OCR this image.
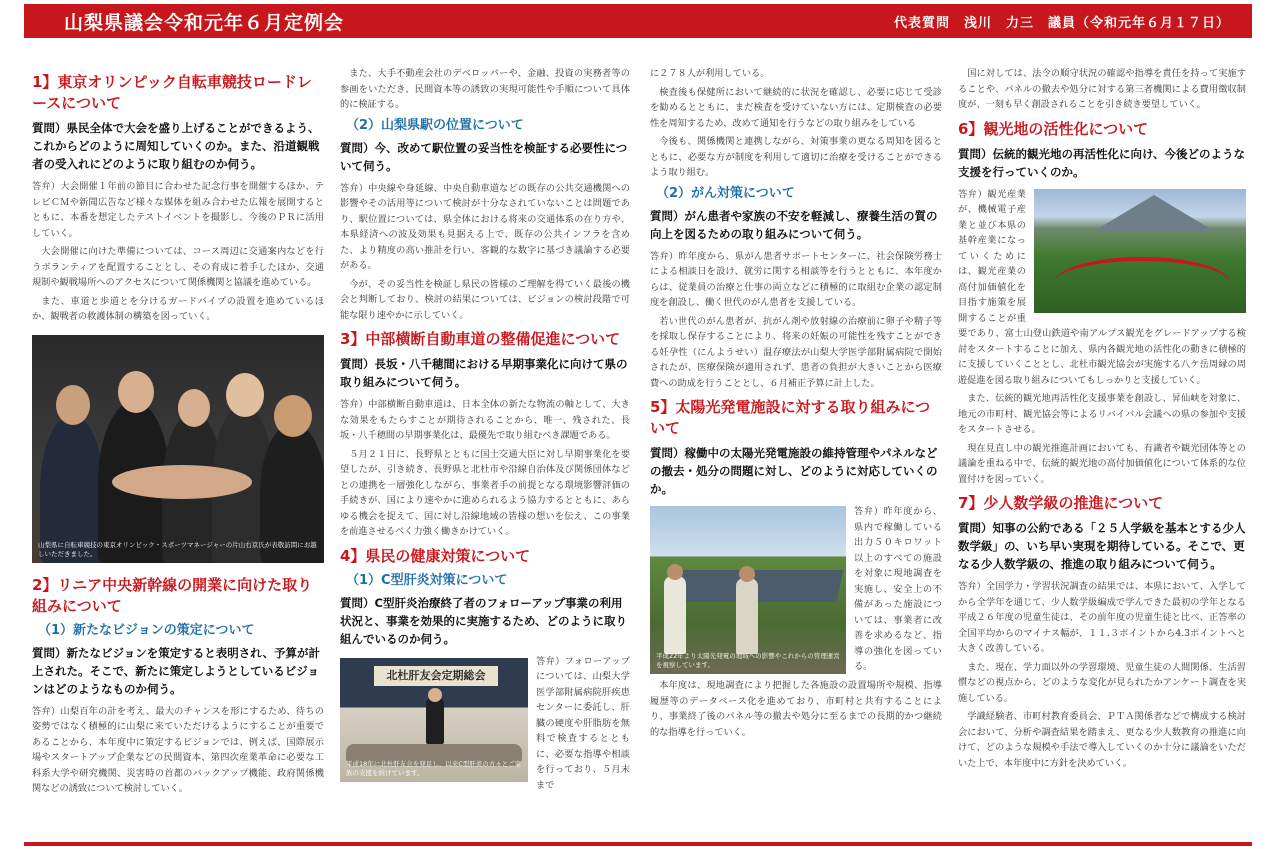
山梨県議会令和元年６月定例会	代表質問　浅川　力三　議員（令和元年６月１７日）
1】東京オリンピック自転車競技ロードレースについて
質問）県民全体で大会を盛り上げることができるよう、これからどのように周知していくのか。また、沿道観戦者の受入れにどのように取り組むのか伺う。

答弁）大会開催１年前の節目に合わせた記念行事を開催するほか、テレビＣＭや新聞広告など様々な媒体を組み合わせた広報を展開するとともに、本番を想定したテストイベントを撮影し、今後のＰＲに活用していく。

大会開催に向けた準備については、コース周辺に交通案内などを行うボランティアを配置することとし、その育成に着手したほか、交通規制や観戦場所へのアクセスについて関係機関と協議を進めている。

また、車道と歩道とを分けるガードパイプの設置を進めているほか、観戦者の救護体制の構築を図っていく。

山梨県に自転車競技の東京オリンピック・スポーツマネージャーの片山右京氏が表敬訪問にお越しいただきました。
2】リニア中央新幹線の開業に向けた取り組みについて
（1）新たなビジョンの策定について
質問）新たなビジョンを策定すると表明され、予算が計上された。そこで、新たに策定しようとしているビジョンはどのようなものか伺う。

答弁）山梨百年の計を考え、最大のチャンスを形にするため、待ちの姿勢ではなく積極的に山梨に来ていただけるようにすることが重要であることから、本年度中に策定するビジョンでは、例えば、国際展示場やスタートアップ企業などの民間資本、第四次産業革命に必要な工科系大学や研究機関、災害時の首都のバックアップ機能、政府関係機関などの誘致について検討していく。

また、大手不動産会社のデベロッパーや、金融、投資の実務者等の参画をいただき、民間資本等の誘致の実現可能性や手順について具体的に検証する。

（2）山梨県駅の位置について
質問）今、改めて駅位置の妥当性を検証する必要性について伺う。

答弁）中央線や身延線、中央自動車道などの既存の公共交通機関への影響やその活用等について検討が十分なされていないことは問題であり、駅位置については、県全体における将来の交通体系の在り方や、本県経済への波及効果も見据える上で、既存の公共インフラを含めた、より精度の高い推計を行い、客観的な数字に基づき議論する必要がある。

今が、その妥当性を検証し県民の皆様のご理解を得ていく最後の機会と判断しており、検討の結果については、ビジョンの検討段階で可能な限り速やかに示していく。

3】中部横断自動車道の整備促進について
質問）長坂・八千穂間における早期事業化に向けて県の取り組みについて伺う。

答弁）中部横断自動車道は、日本全体の新たな物流の軸として、大きな効果をもたらすことが期待されることから、唯一、残された、長坂・八千穂間の早期事業化は、最優先で取り組むべき課題である。

５月２１日に、長野県とともに国土交通大臣に対し早期事業化を要望したが、引き続き、長野県と北杜市や沿線自治体及び関係団体などとの連携を一層強化しながら、事業者手の前提となる環境影響評価の手続きが、国により速やかに進められるよう協力するとともに、あらゆる機会を捉えて、国に対し沿線地域の皆様の想いを伝え、この事業を前進させるべく力強く働きかけていく。

4】県民の健康対策について
（1）C型肝炎対策について
質問）C型肝炎治療終了者のフォローアップ事業の利用状況と、事業を効果的に実施するため、どのように取り組んでいるのか伺う。
北杜肝友会定期総会
平成18年に北杜肝友会を発足し、以来C型肝炎の方々とご家族の支援を続けています。

答弁）フォローアップについては、山梨大学医学部附属病院肝疾患センターに委託し、肝臓の硬度や肝脂肪を無料で検査するとともに、必要な指導や相談を行っており、５月末まで

に２７８人が利用している。

検査後も保健所において継続的に状況を確認し、必要に応じて受診を勧めるとともに、まだ検査を受けていない方には、定期検査の必要性を周知するため、改めて通知を行うなどの取り組みをしている

今後も、関係機関と連携しながら、対策事業の更なる周知を図るとともに、必要な方が制度を利用して適切に治療を受けることができるよう取り組む。

（2）がん対策について
質問）がん患者や家族の不安を軽減し、療養生活の質の向上を図るための取り組みについて伺う。

答弁）昨年度から、県がん患者サポートセンターに、社会保険労務士による相談日を設け、就労に関する相談等を行うとともに、本年度からは、従業員の治療と仕事の両立などに積極的に取組む企業の認定制度を創設し、働く世代のがん患者を支援している。

若い世代のがん患者が、抗がん剤や放射線の治療前に卵子や精子等を採取し保存することにより、将来の妊娠の可能性を残すことができる妊孕性（にんようせい）温存療法が山梨大学医学部附属病院で開始されたが、医療保険が適用されず、患者の負担が大きいことから医療費への助成を行うこととし、６月補正予算に計上した。

5】太陽光発電施設に対する取り組みについて
質問）稼働中の太陽光発電施設の維持管理やパネルなどの撤去・処分の問題に対し、どのように対応していくのか。
平成22年より太陽光発電の地域への影響やこれからの管理運営を視察しています。

答弁）昨年度から、県内で稼働している出力５０キロワット以上のすべての施設を対象に現地調査を実施し、安全上の不備があった施設については、事業者に改善を求めるなど、指導の強化を図っている。

本年度は、現地調査により把握した各施設の設置場所や規模、指導履歴等のデータベース化を進めており、市町村と共有することにより、事業終了後のパネル等の撤去や処分に至るまでの長期的かつ継続的な指導を行っていく。

国に対しては、法令の順守状況の確認や指導を責任を持って実施することや、パネルの撤去や処分に対する第三者機関による費用徴収制度が、一刻も早く創設されることを引き続き要望していく。

6】観光地の活性化について
質問）伝統的観光地の再活性化に向け、今後どのような支援を行っていくのか。

答弁）観光産業が、機械電子産業と並び本県の基幹産業になっていくためには、観光産業の高付加価値化を目指す施策を展開することが重要であり、富士山登山鉄道や南アルプス観光をグレードアップする検討をスタートすることに加え、県内各観光地の活性化の動きに積極的に支援していくこととし、北杜市観光協会が実施する八ケ岳周縁の周遊促進を図る取り組みについてもしっかりと支援していく。

また、伝統的観光地再活性化支援事業を創設し、昇仙峡を対象に、地元の市町村、観光協会等によるリバイバル会議への県の参加や支援をスタートさせる。

現在見直し中の観光推進計画においても、有識者や観光団体等との議論を重ねる中で、伝統的観光地の高付加価値化について体系的な位置付けを図っていく。

7】少人数学級の推進について
質問）知事の公約である「２５人学級を基本とする少人数学級」の、いち早い実現を期待している。そこで、更なる少人数学級の、推進の取り組みについて伺う。

答弁）全国学力・学習状況調査の結果では、本県において、入学してから全学年を通じて、少人数学級編成で学んできた最初の学年となる平成２６年度の児童生徒は、その前年度の児童生徒と比べ、正答率の全国平均からのマイナス幅が、１１.３ポイントから4.3ポイントへと大きく改善している。

また、現在、学力面以外の学習環境、児童生徒の人間関係、生活習慣などの視点から、どのような変化が見られたかアンケート調査を実施している。

学識経験者、市町村教育委員会、ＰＴＡ関係者などで構成する検討会において、分析や調査結果を踏まえ、更なる少人数教育の推進に向けて、どのような規模や手法で導入していくのか十分に議論をいただいた上で、本年度中に方針を決めていく。
